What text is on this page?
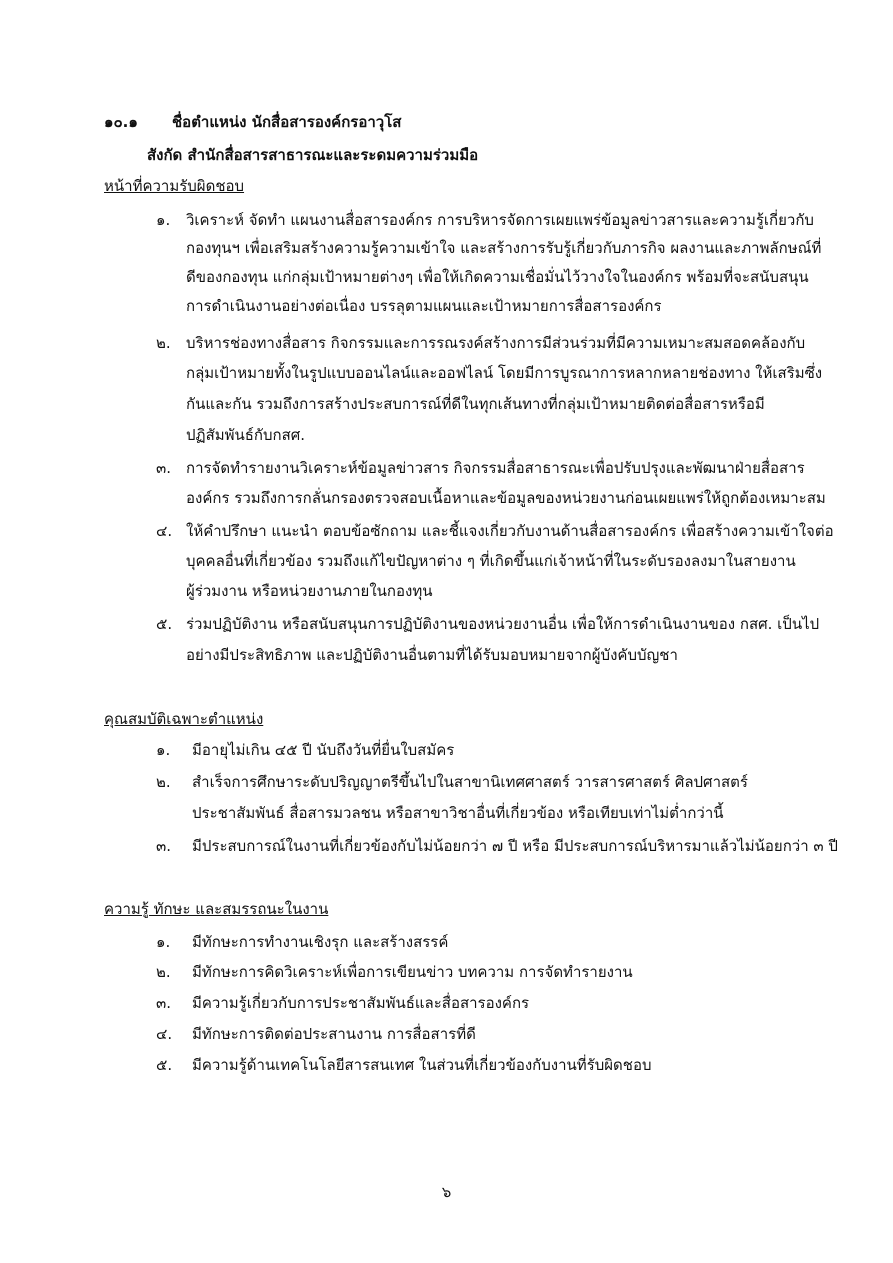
๑๐.๑ ชื่อตำแหน่ง นักสื่อสารองค์กรอาวุโส
สังกัด สำนักสื่อสารสาธารณะและระดมความร่วมมือ
หน้าที่ความรับผิดชอบ
๑. วิเคราะห์ จัดทำ แผนงานสื่อสารองค์กร การบริหารจัดการเผยแพร่ข้อมูลข่าวสารและความรู้เกี่ยวกับ
กองทุนฯ เพื่อเสริมสร้างความรู้ความเข้าใจ และสร้างการรับรู้เกี่ยวกับภารกิจ ผลงานและภาพลักษณ์ที่
ดีของกองทุน แก่กลุ่มเป้าหมายต่างๆ เพื่อให้เกิดความเชื่อมั่นไว้วางใจในองค์กร พร้อมที่จะสนับสนุน
การดำเนินงานอย่างต่อเนื่อง บรรลุตามแผนและเป้าหมายการสื่อสารองค์กร
๒. บริหารช่องทางสื่อสาร กิจกรรมและการรณรงค์สร้างการมีส่วนร่วมที่มีความเหมาะสมสอดคล้องกับ
กลุ่มเป้าหมายทั้งในรูปแบบออนไลน์และออฟไลน์ โดยมีการบูรณาการหลากหลายช่องทาง ให้เสริมซึ่ง
กันและกัน รวมถึงการสร้างประสบการณ์ที่ดีในทุกเส้นทางที่กลุ่มเป้าหมายติดต่อสื่อสารหรือมี
ปฏิสัมพันธ์กับกสศ.
๓. การจัดทำรายงานวิเคราะห์ข้อมูลข่าวสาร กิจกรรมสื่อสาธารณะเพื่อปรับปรุงและพัฒนาฝ่ายสื่อสาร
องค์กร รวมถึงการกลั่นกรองตรวจสอบเนื้อหาและข้อมูลของหน่วยงานก่อนเผยแพร่ให้ถูกต้องเหมาะสม
๔. ให้คำปรึกษา แนะนำ ตอบข้อซักถาม และชี้แจงเกี่ยวกับงานด้านสื่อสารองค์กร เพื่อสร้างความเข้าใจต่อ
บุคคลอื่นที่เกี่ยวข้อง รวมถึงแก้ไขปัญหาต่าง ๆ ที่เกิดขึ้นแก่เจ้าหน้าที่ในระดับรองลงมาในสายงาน
ผู้ร่วมงาน หรือหน่วยงานภายในกองทุน
๕. ร่วมปฏิบัติงาน หรือสนับสนุนการปฏิบัติงานของหน่วยงานอื่น เพื่อให้การดำเนินงานของ กสศ. เป็นไป
อย่างมีประสิทธิภาพ และปฏิบัติงานอื่นตามที่ได้รับมอบหมายจากผู้บังคับบัญชา
คุณสมบัติเฉพาะตำแหน่ง
๑. มีอายุไม่เกิน ๔๕ ปี นับถึงวันที่ยื่นใบสมัคร
๒. สำเร็จการศึกษาระดับปริญญาตรีขึ้นไปในสาขานิเทศศาสตร์ วารสารศาสตร์ ศิลปศาสตร์
ประชาสัมพันธ์ สื่อสารมวลชน หรือสาขาวิชาอื่นที่เกี่ยวข้อง หรือเทียบเท่าไม่ต่ำกว่านี้
๓. มีประสบการณ์ในงานที่เกี่ยวข้องกับไม่น้อยกว่า ๗ ปี หรือ มีประสบการณ์บริหารมาแล้วไม่น้อยกว่า ๓ ปี
ความรู้ ทักษะ และสมรรถนะในงาน
๑. มีทักษะการทำงานเชิงรุก และสร้างสรรค์
๒. มีทักษะการคิดวิเคราะห์เพื่อการเขียนข่าว บทความ การจัดทำรายงาน
๓. มีความรู้เกี่ยวกับการประชาสัมพันธ์และสื่อสารองค์กร
๔. มีทักษะการติดต่อประสานงาน การสื่อสารที่ดี
๕. มีความรู้ด้านเทคโนโลยีสารสนเทศ ในส่วนที่เกี่ยวข้องกับงานที่รับผิดชอบ
๖
